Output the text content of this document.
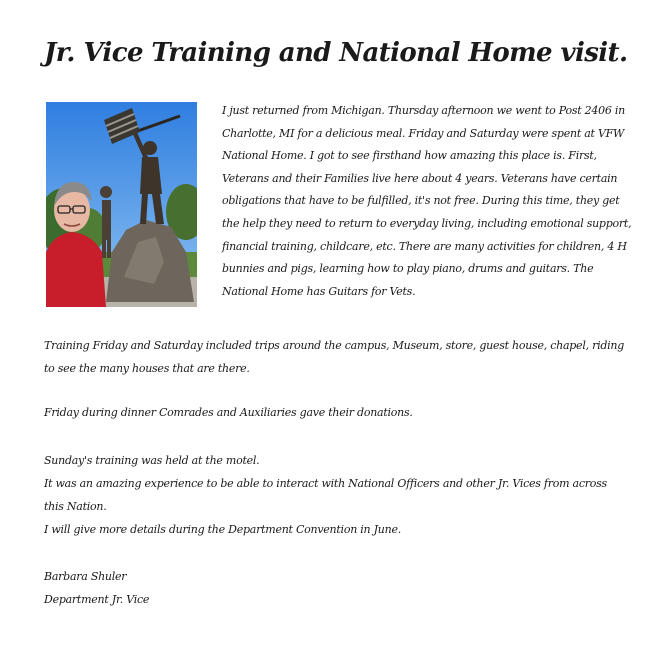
Jr. Vice Training and National Home visit.
I just returned from Michigan. Thursday afternoon we went to Post 2406 in Charlotte, MI for a delicious meal. Friday and Saturday were spent at VFW National Home. I got to see firsthand how amazing this place is. First, Veterans and their Families live here about 4 years. Veterans have certain obligations that have to be fulfilled, it's not free. During this time, they get the help they need to return to everyday living, including emotional support, financial training, childcare, etc. There are many activities for children, 4 H bunnies and pigs, learning how to play piano, drums and guitars. The National Home has Guitars for Vets.
Training Friday and Saturday included trips around the campus, Museum, store, guest house, chapel, riding to see the many houses that are there.
Friday during dinner Comrades and Auxiliaries gave their donations.
Sunday's training was held at the motel.
It was an amazing experience to be able to interact with National Officers and other Jr. Vices from across
this Nation.
I will give more details during the Department Convention in June.
Barbara Shuler
Department Jr. Vice
